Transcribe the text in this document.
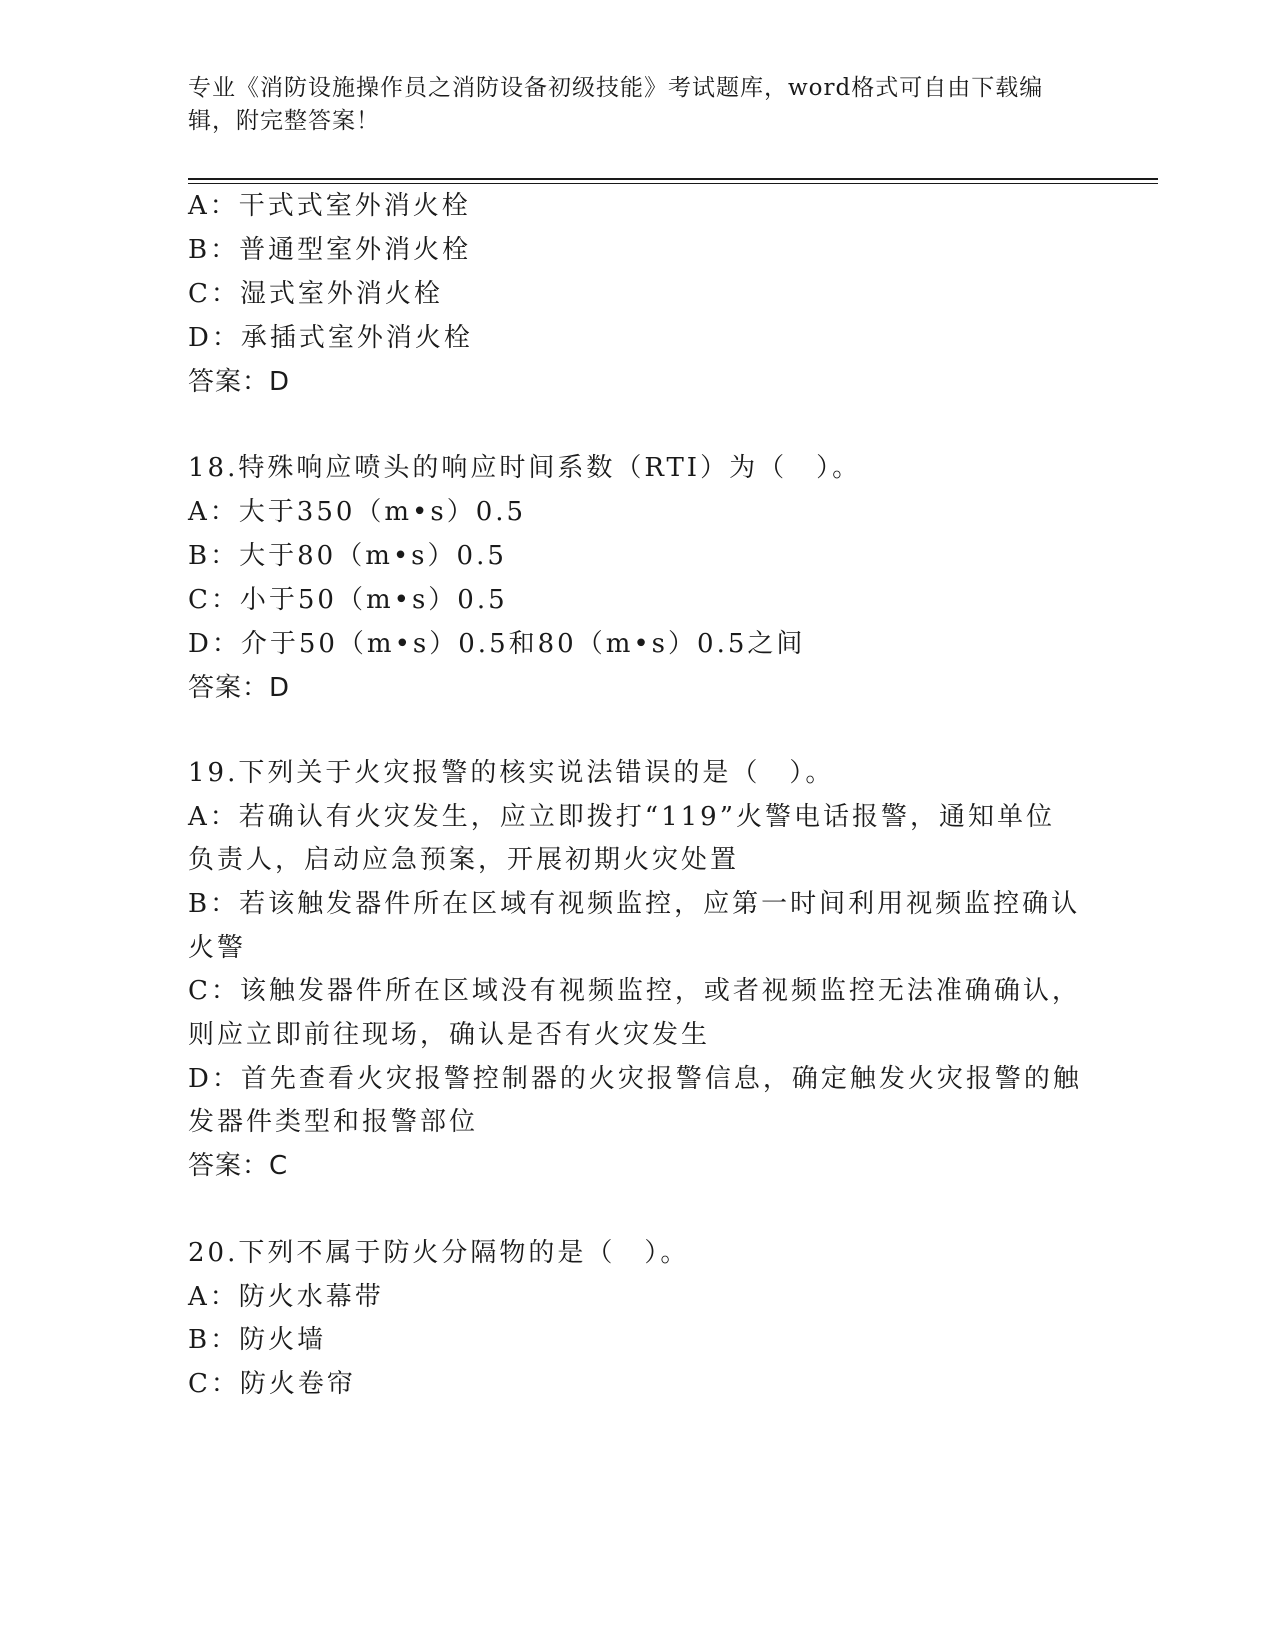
专业《消防设施操作员之消防设备初级技能》考试题库，word格式可自由下载编
辑，附完整答案！
A：干式式室外消火栓
B：普通型室外消火栓
C：湿式室外消火栓
D：承插式室外消火栓
答案：D
18.特殊响应喷头的响应时间系数（RTI）为（　）。
A：大于350（m•s）0.5
B：大于80（m•s）0.5
C：小于50（m•s）0.5
D：介于50（m•s）0.5和80（m•s）0.5之间
答案：D
19.下列关于火灾报警的核实说法错误的是（　）。
A：若确认有火灾发生，应立即拨打“119”火警电话报警，通知单位
负责人，启动应急预案，开展初期火灾处置
B：若该触发器件所在区域有视频监控，应第一时间利用视频监控确认
火警
C：该触发器件所在区域没有视频监控，或者视频监控无法准确确认，
则应立即前往现场，确认是否有火灾发生
D：首先查看火灾报警控制器的火灾报警信息，确定触发火灾报警的触
发器件类型和报警部位
答案：C
20.下列不属于防火分隔物的是（　）。
A：防火水幕带
B：防火墙
C：防火卷帘
